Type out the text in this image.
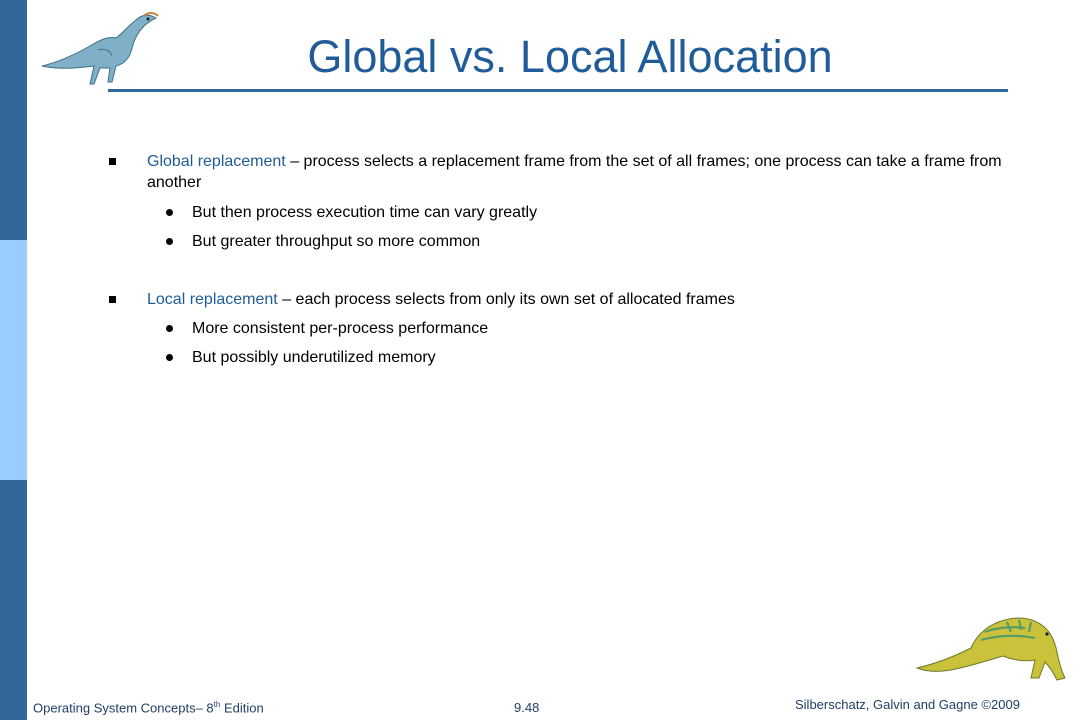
Global vs. Local Allocation
Global replacement – process selects a replacement frame from the set of all frames; one process can take a frame from another
But then process execution time can vary greatly
But greater throughput so more common
Local replacement – each process selects from only its own set of allocated frames
More consistent per-process performance
But possibly underutilized memory
Operating System Concepts– 8th Edition	9.48	Silberschatz, Galvin and Gagne ©2009
